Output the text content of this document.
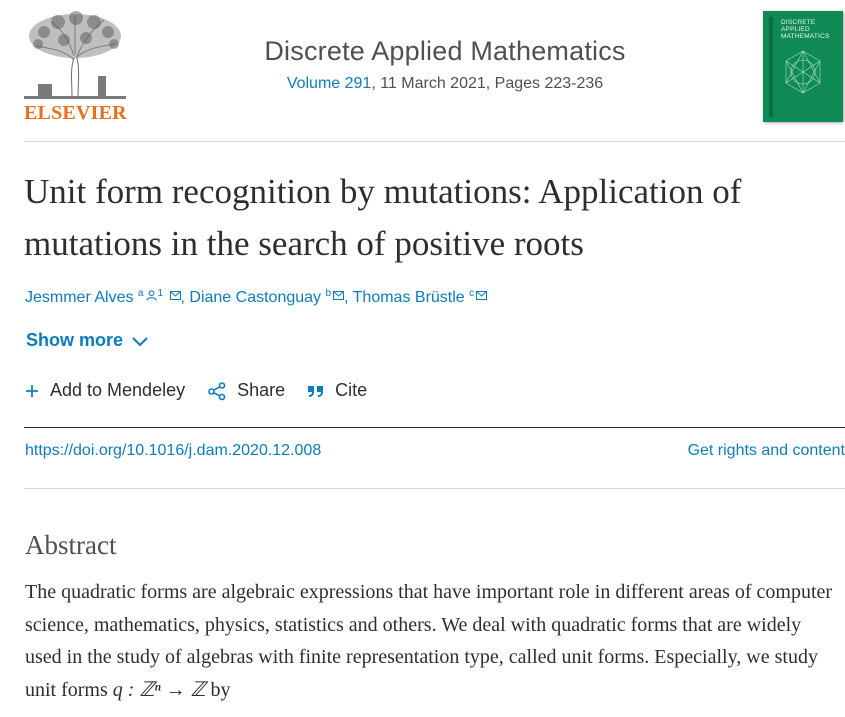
ELSEVIER
Discrete Applied Mathematics
Volume 291, 11 March 2021, Pages 223-236
DISCRETE APPLIED MATHEMATICS
Unit form recognition by mutations: Application of mutations in the search of positive roots
Jesmmer Alves $^a$ $^1$ , Diane Castonguay $^b$ , Thomas Brüstle $^c$
Show more
Add to Mendeley	Share	Cite
https://doi.org/10.1016/j.dam.2020.12.008	Get rights and content
Abstract

The quadratic forms are algebraic expressions that have important role in different areas of computer science, mathematics, physics, statistics and others. We deal with quadratic forms that are widely used in the study of algebras with finite representation type, called unit forms. Especially, we study unit forms q : ℤⁿ → ℤ by
